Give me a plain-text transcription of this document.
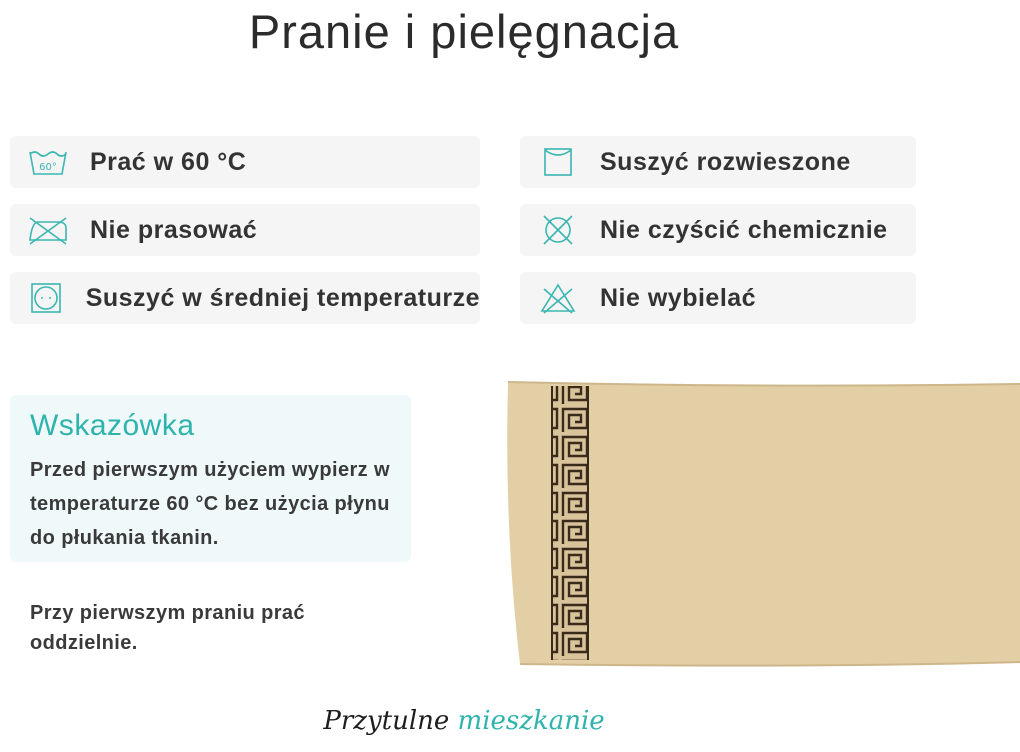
Pranie i pielęgnacja
60° Prać w 60 °C	Suszyć rozwieszone
Nie prasować	Nie czyścić chemicznie
Suszyć w średniej temperaturze	Nie wybielać
Wskazówka
Przed pierwszym użyciem wypierz w temperaturze 60 °C bez użycia płynu do płukania tkanin.
Przy pierwszym praniu prać oddzielnie.
Przytulne mieszkanie
